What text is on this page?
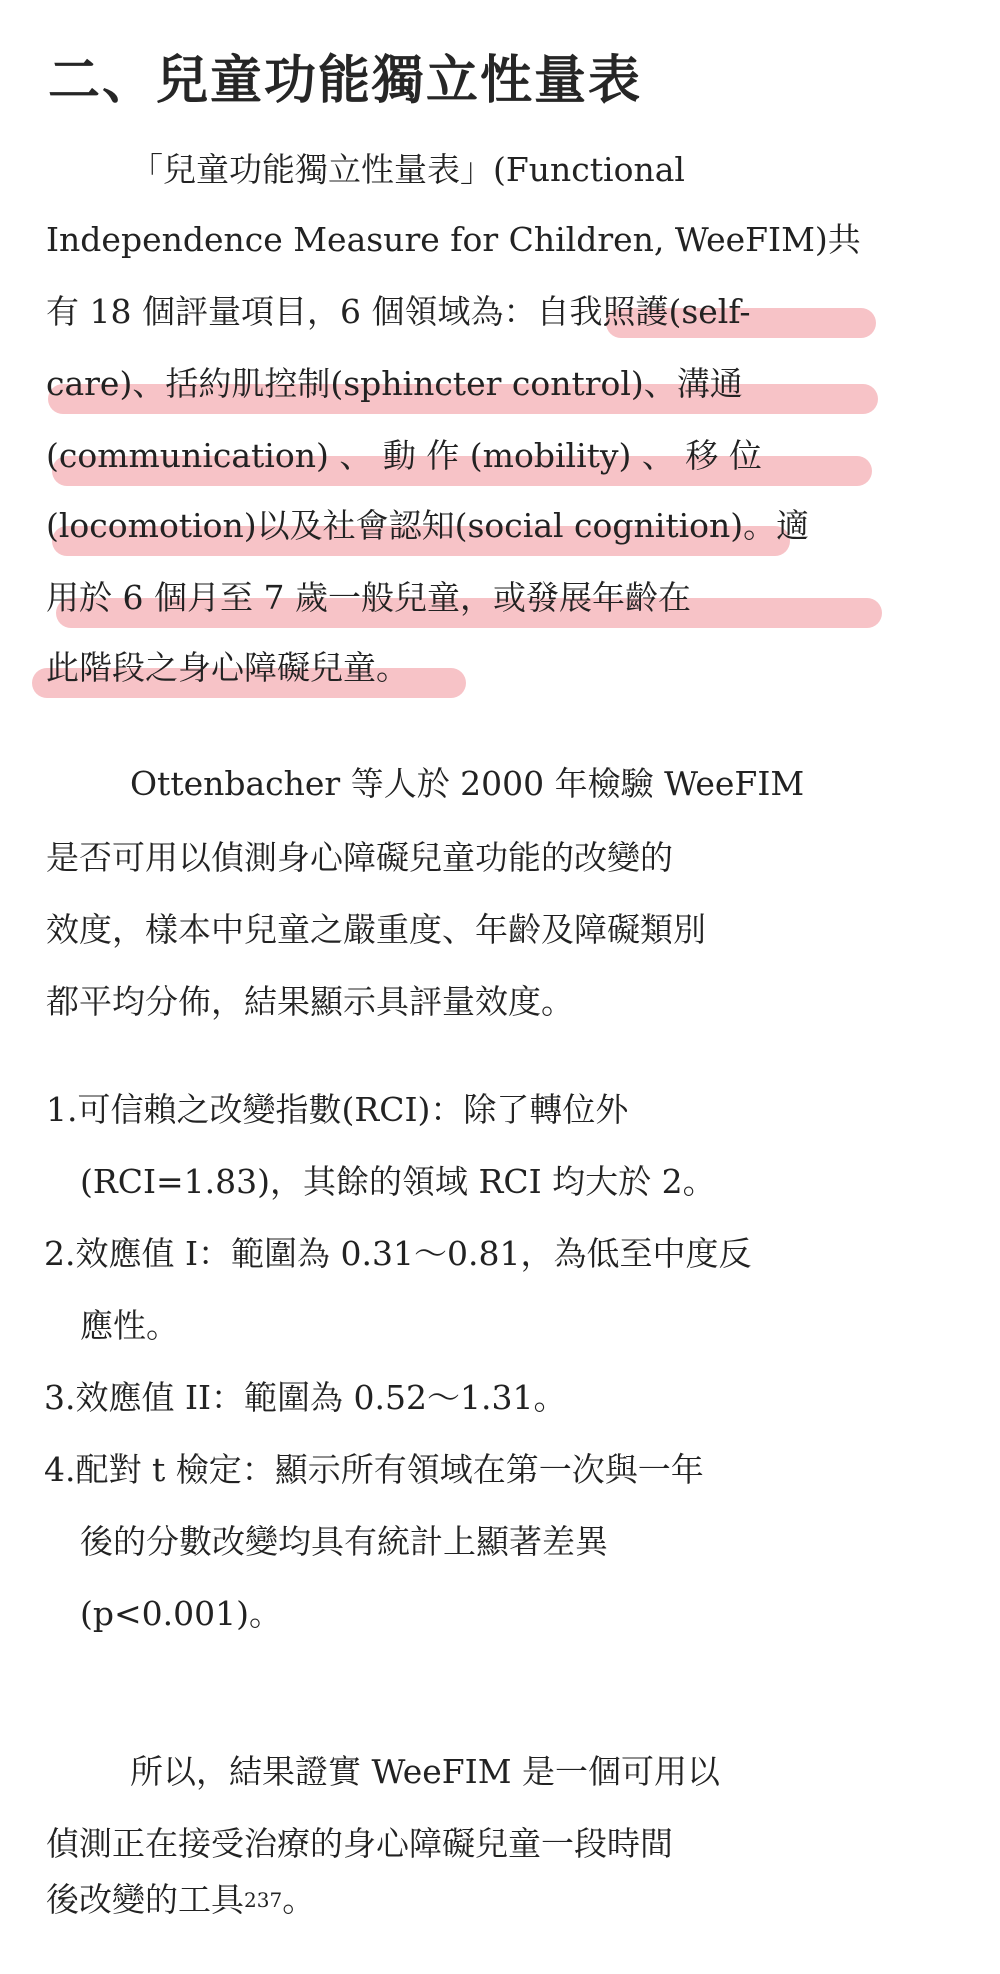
二、兒童功能獨立性量表
「兒童功能獨立性量表」(Functional
Independence Measure for Children, WeeFIM)共
有 18 個評量項目，6 個領域為：自我照護(self-
care)、括約肌控制(sphincter control)、溝通
(communication) 、 動 作 (mobility) 、 移 位
(locomotion)以及社會認知(social cognition)。適
用於 6 個月至 7 歲一般兒童，或發展年齡在
此階段之身心障礙兒童。
Ottenbacher 等人於 2000 年檢驗 WeeFIM
是否可用以偵測身心障礙兒童功能的改變的
效度，樣本中兒童之嚴重度、年齡及障礙類別
都平均分佈，結果顯示具評量效度。
1.可信賴之改變指數(RCI)：除了轉位外
(RCI=1.83)，其餘的領域 RCI 均大於 2。
2.效應值 I：範圍為 0.31～0.81，為低至中度反
應性。
3.效應值 II：範圍為 0.52～1.31。
4.配對 t 檢定：顯示所有領域在第一次與一年
後的分數改變均具有統計上顯著差異
(p<0.001)。
所以，結果證實 WeeFIM 是一個可用以
偵測正在接受治療的身心障礙兒童一段時間
後改變的工具 237 。
